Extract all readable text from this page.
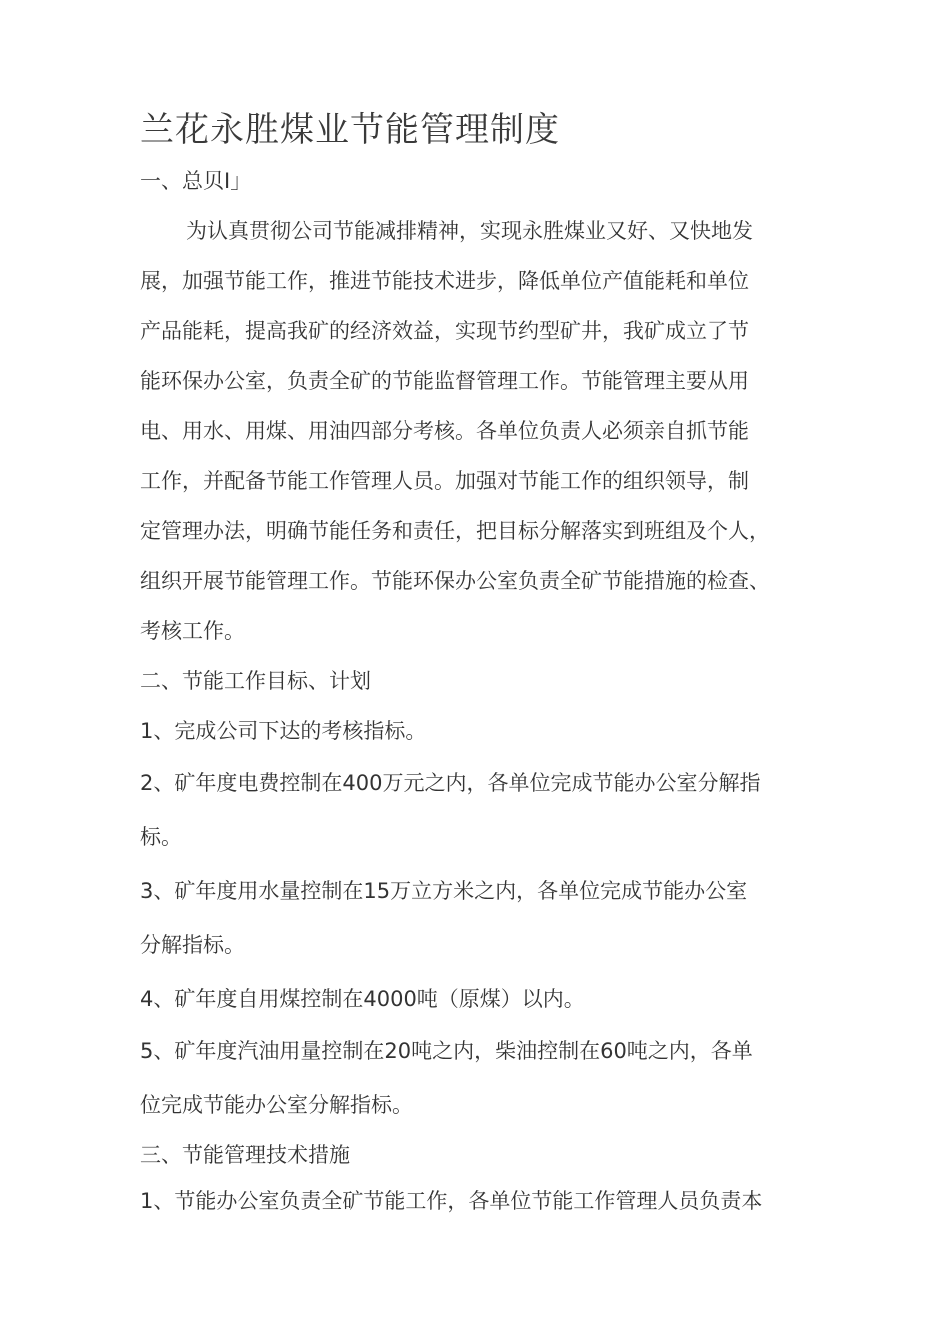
兰花永胜煤业节能管理制度
一、总贝I」
为认真贯彻公司节能减排精神，实现永胜煤业又好、又快地发
展，加强节能工作，推进节能技术进步，降低单位产值能耗和单位
产品能耗，提高我矿的经济效益，实现节约型矿井，我矿成立了节
能环保办公室，负责全矿的节能监督管理工作。节能管理主要从用
电、用水、用煤、用油四部分考核。各单位负责人必须亲自抓节能
工作，并配备节能工作管理人员。加强对节能工作的组织领导，制
定管理办法，明确节能任务和责任，把目标分解落实到班组及个人，
组织开展节能管理工作。节能环保办公室负责全矿节能措施的检查、
考核工作。
二、节能工作目标、计划
1、完成公司下达的考核指标。
2、矿年度电费控制在400万元之内，各单位完成节能办公室分解指
标。
3、矿年度用水量控制在15万立方米之内，各单位完成节能办公室
分解指标。
4、矿年度自用煤控制在4000吨（原煤）以内。
5、矿年度汽油用量控制在20吨之内，柴油控制在60吨之内，各单
位完成节能办公室分解指标。
三、节能管理技术措施
1、节能办公室负责全矿节能工作，各单位节能工作管理人员负责本
